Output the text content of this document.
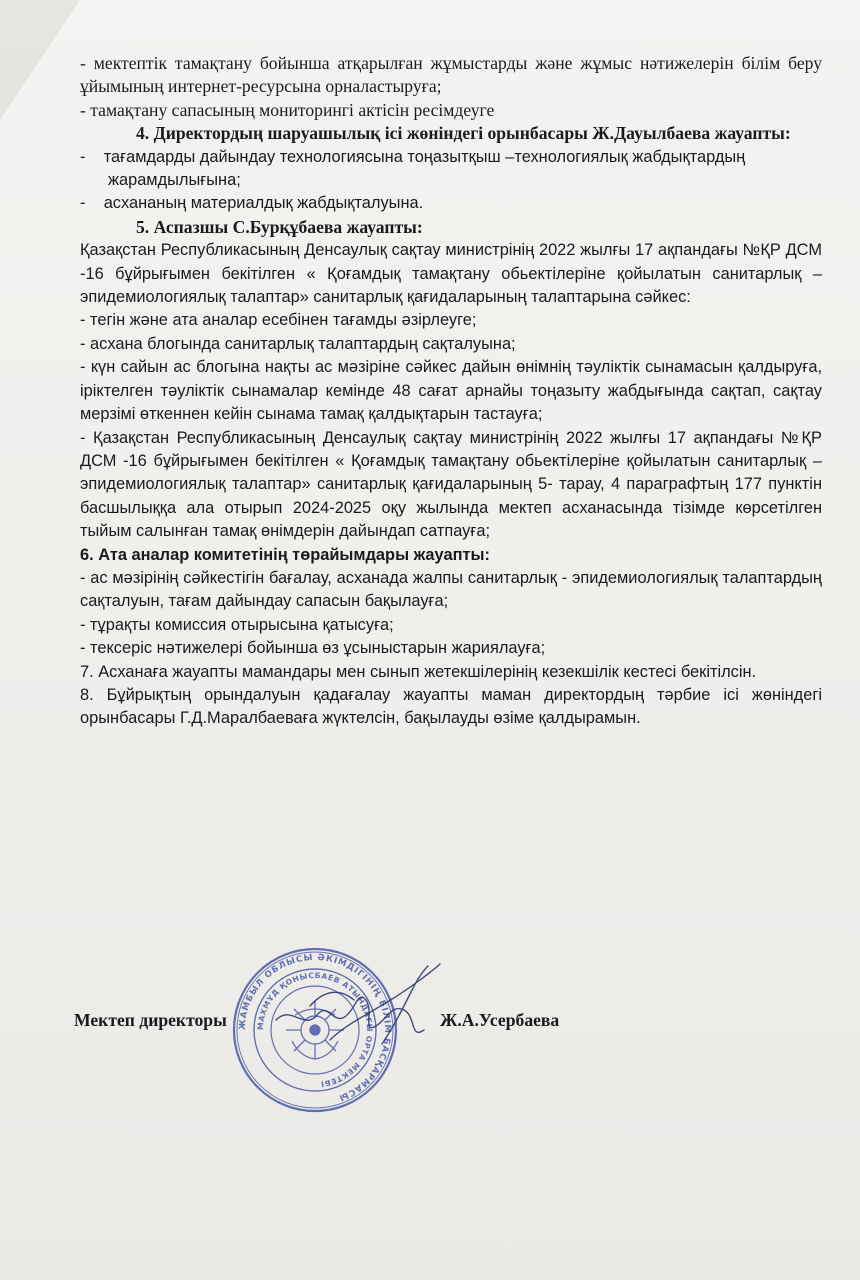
- мектептік тамақтану бойынша атқарылған жұмыстарды және жұмыс нәтижелерін білім беру ұйымының интернет-ресурсына орналастыруға;

- тамақтану сапасының мониторингі актісін ресімдеуге

4. Директордың шаруашылық ісі жөніндегі орынбасары Ж.Дауылбаева жауапты:

- тағамдарды дайындау технологиясына тоңазытқыш –технологиялық жабдықтардың жарамдылығына;

- асхананың материалдық жабдықталуына.

5. Аспазшы С.Бурқұбаева жауапты:

Қазақстан Республикасының Денсаулық сақтау министрінің 2022 жылғы 17 ақпандағы №ҚР ДСМ -16 бұйрығымен бекітілген « Қоғамдық тамақтану обьектілеріне қойылатын санитарлық – эпидемиологиялық талаптар» санитарлық қағидаларының талаптарына сәйкес:

- тегін және ата аналар есебінен тағамды әзірлеуге;

- асхана блогында санитарлық талаптардың сақталуына;

- күн сайын ас блогына нақты ас мәзіріне сәйкес дайын өнімнің тәуліктік сынамасын қалдыруға, іріктелген тәуліктік сынамалар кемінде 48 сағат арнайы тоңазыту жабдығында сақтап, сақтау мерзімі өткеннен кейін сынама тамақ қалдықтарын тастауға;

- Қазақстан Республикасының Денсаулық сақтау министрінің 2022 жылғы 17 ақпандағы №ҚР ДСМ -16 бұйрығымен бекітілген « Қоғамдық тамақтану обьектілеріне қойылатын санитарлық – эпидемиологиялық талаптар» санитарлық қағидаларының 5- тарау, 4 параграфтың 177 пунктін басшылыққа ала отырып 2024-2025 оқу жылында мектеп асханасында тізімде көрсетілген тыйым салынған тамақ өнімдерін дайындап сатпауға;

6. Ата аналар комитетінің төрайымдары жауапты:

- ас мәзірінің сәйкестігін бағалау, асханада жалпы санитарлық - эпидемиологиялық талаптардың сақталуын, тағам дайындау сапасын бақылауға;

- тұрақты комиссия отырысына қатысуға;

- тексеріс нәтижелері бойынша өз ұсыныстарын жариялауға;

7. Асханаға жауапты мамандары мен сынып жетекшілерінің кезекшілік кестесі бекітілсін.

8. Бұйрықтың орындалуын қадағалау жауапты маман директордың тәрбие ісі жөніндегі орынбасары Г.Д.Маралбаеваға жүктелсін, бақылауды өзіме қалдырамын.

ЖАМБЫЛ ОБЛЫСЫ ӘКІМДІГІНІҢ БІЛІМ БАСҚАРМАСЫ
МАХМҰД ҚОНЫСБАЕВ АТЫНДАҒЫ ОРТА МЕКТЕБІ
Мектеп директоры	Ж.А.Усербаева
